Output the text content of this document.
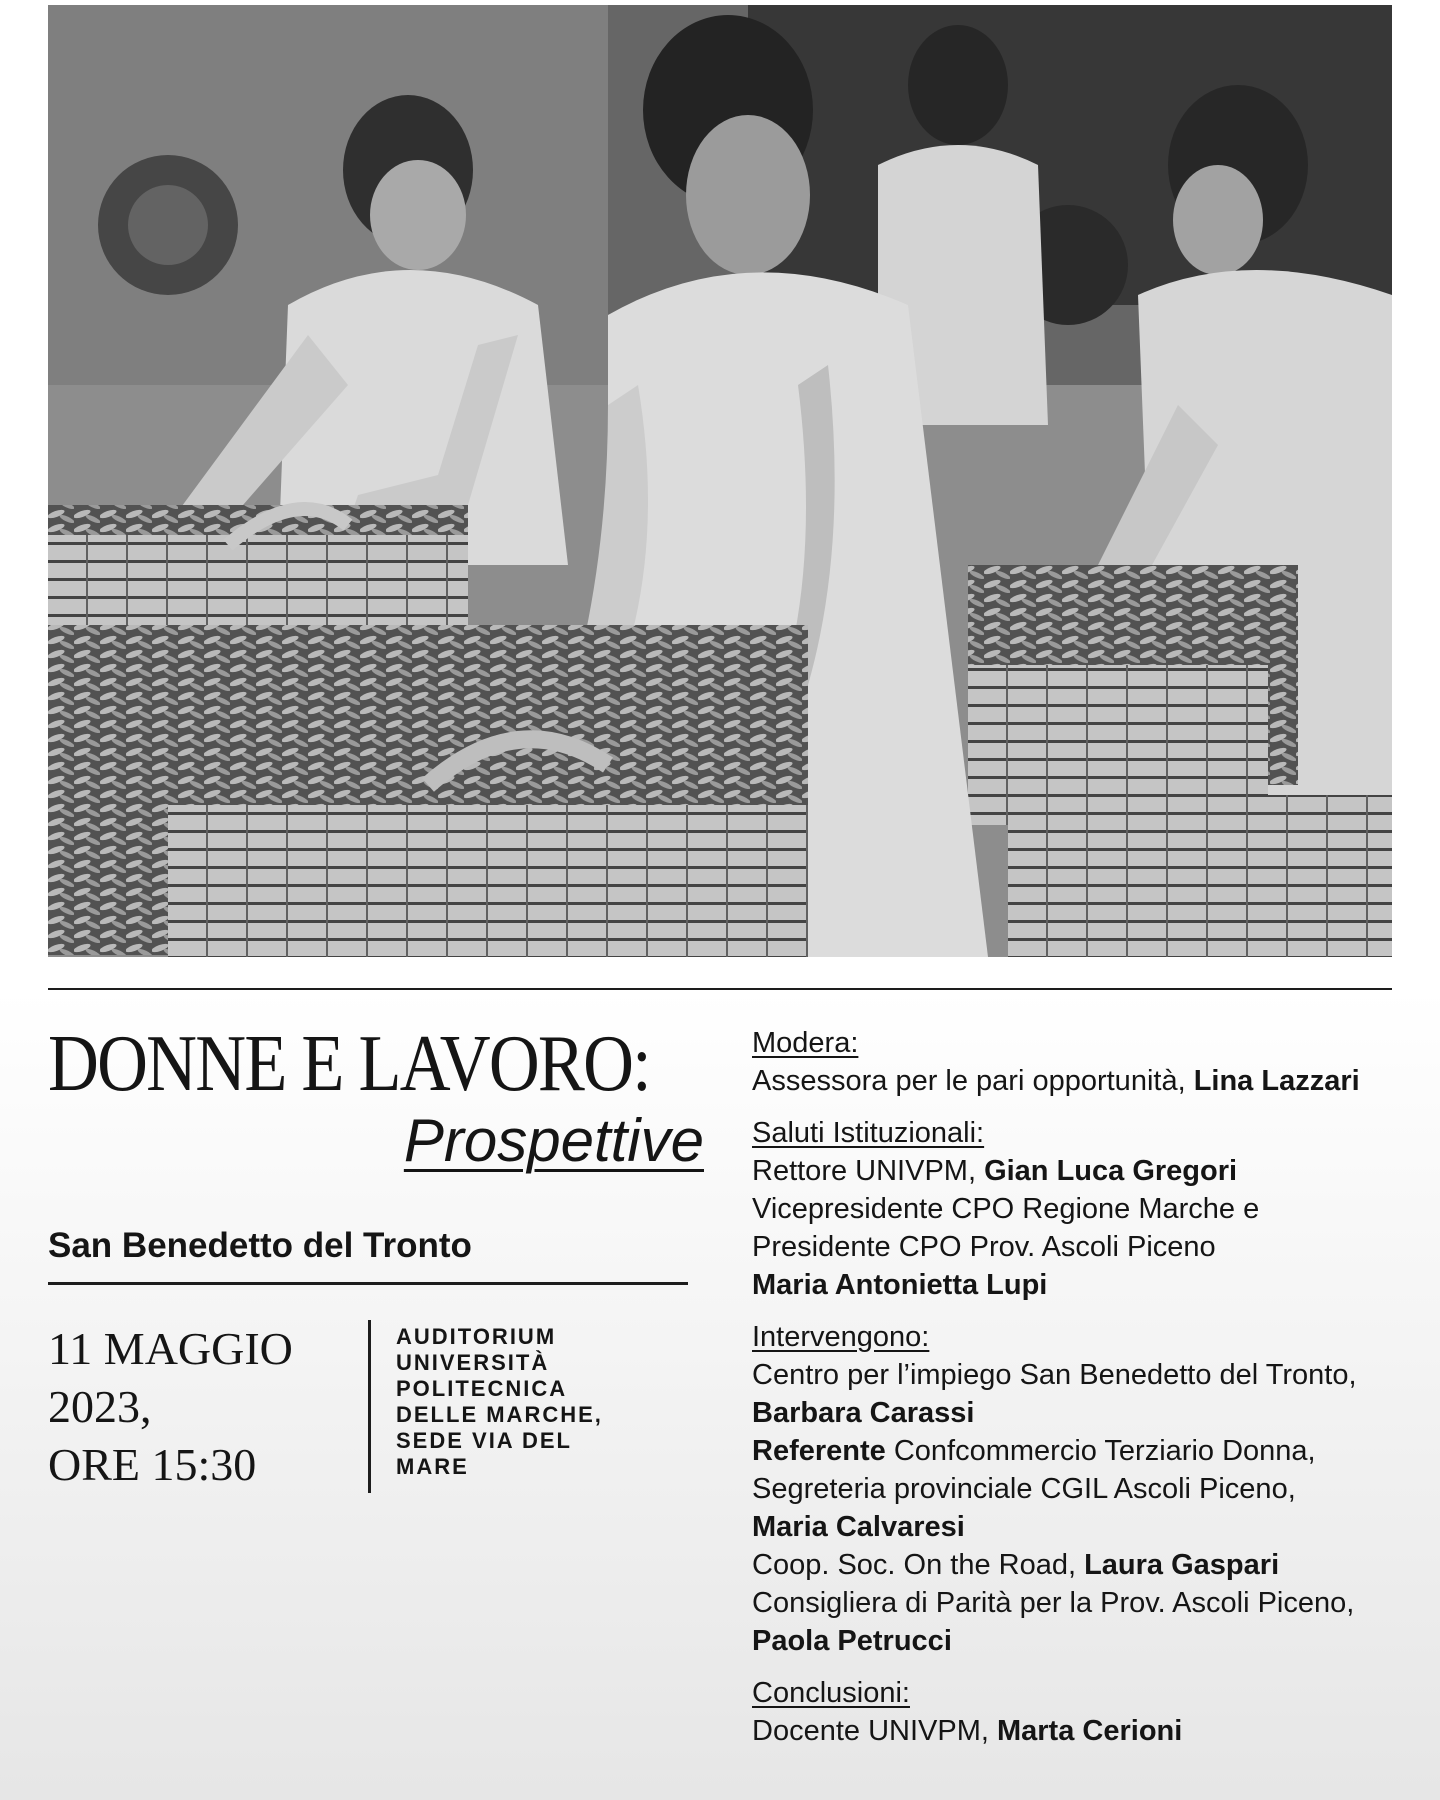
DONNE E LAVORO:
Prospettive
San Benedetto del Tronto
11 MAGGIO
2023,
ORE 15:30
AUDITORIUM
UNIVERSITÀ
POLITECNICA
DELLE MARCHE,
SEDE VIA DEL
MARE

Modera:

Assessora per le pari opportunità, Lina Lazzari

Saluti Istituzionali:

Rettore UNIVPM, Gian Luca Gregori

Vicepresidente CPO Regione Marche e

Presidente CPO Prov. Ascoli Piceno

Maria Antonietta Lupi

Intervengono:

Centro per l’impiego San Benedetto del Tronto,

Barbara Carassi

Referente Confcommercio Terziario Donna,

Segreteria provinciale CGIL Ascoli Piceno,

Maria Calvaresi

Coop. Soc. On the Road, Laura Gaspari

Consigliera di Parità per la Prov. Ascoli Piceno,

Paola Petrucci

Conclusioni:

Docente UNIVPM, Marta Cerioni
